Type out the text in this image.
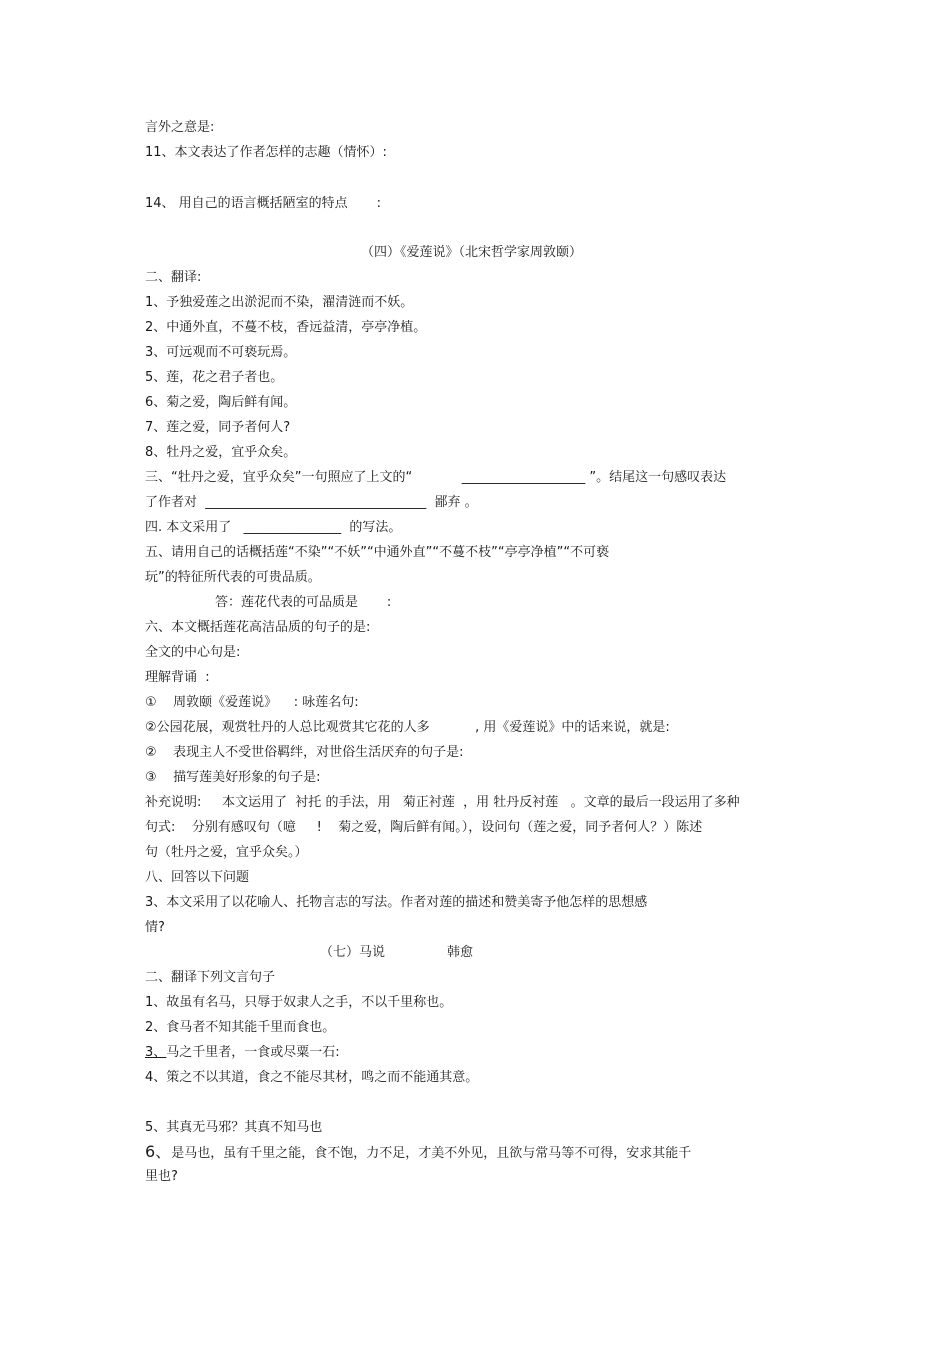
言外之意是:
11、本文表达了作者怎样的志趣（情怀）:
14、 用自己的语言概括陋室的特点       :
（四）《爱莲说》（北宋哲学家周敦颐）
二、翻译:
1、予独爱莲之出淤泥而不染，濯清涟而不妖。
2、中通外直，不蔓不枝，香远益清，亭亭净植。
3、可远观而不可亵玩焉。
5、莲，花之君子者也。
6、菊之爱，陶后鲜有闻。
7、莲之爱，同予者何人?
8、牡丹之爱，宜乎众矣。
三、“牡丹之爱，宜乎众矣”一句照应了上文的“            ___________________ ”。结尾这一句感叹表达
了作者对  __________________________________  鄙弃 。
四. 本文采用了   _______________  的写法。
五、请用自己的话概括莲“不染”“不妖”“中通外直”“不蔓不枝”“亭亭净植”“不可亵
玩”的特征所代表的可贵品质。
答：莲花代表的可品质是       :
六、本文概括莲花高洁品质的句子的是:
全文的中心句是:
理解背诵  :
①    周敦颐《爱莲说》    : 咏莲名句:
②公园花展，观赏牡丹的人总比观赏其它花的人多           , 用《爱莲说》中的话来说，就是:
②    表现主人不受世俗羁绊，对世俗生活厌弃的句子是:
③    描写莲美好形象的句子是:
补充说明:     本文运用了  衬托 的手法，用   菊正衬莲  ，用 牡丹反衬莲   。文章的最后一段运用了多种
句式:    分别有感叹句（噫     !    菊之爱，陶后鲜有闻。），设问句（莲之爱，同予者何人？）陈述
句（牡丹之爱，宜乎众矣。）
八、回答以下问题
3、本文采用了以花喻人、托物言志的写法。作者对莲的描述和赞美寄予他怎样的思想感
情?
（七）马说               韩愈
二、翻译下列文言句子
1、故虽有名马，只辱于奴隶人之手，不以千里称也。
2、食马者不知其能千里而食也。
3、马之千里者，一食或尽粟一石:
4、策之不以其道，食之不能尽其材，鸣之而不能通其意。
5、其真无马邪？其真不知马也
6、是马也，虽有千里之能，食不饱，力不足，才美不外见，且欲与常马等不可得，安求其能千
里也?
